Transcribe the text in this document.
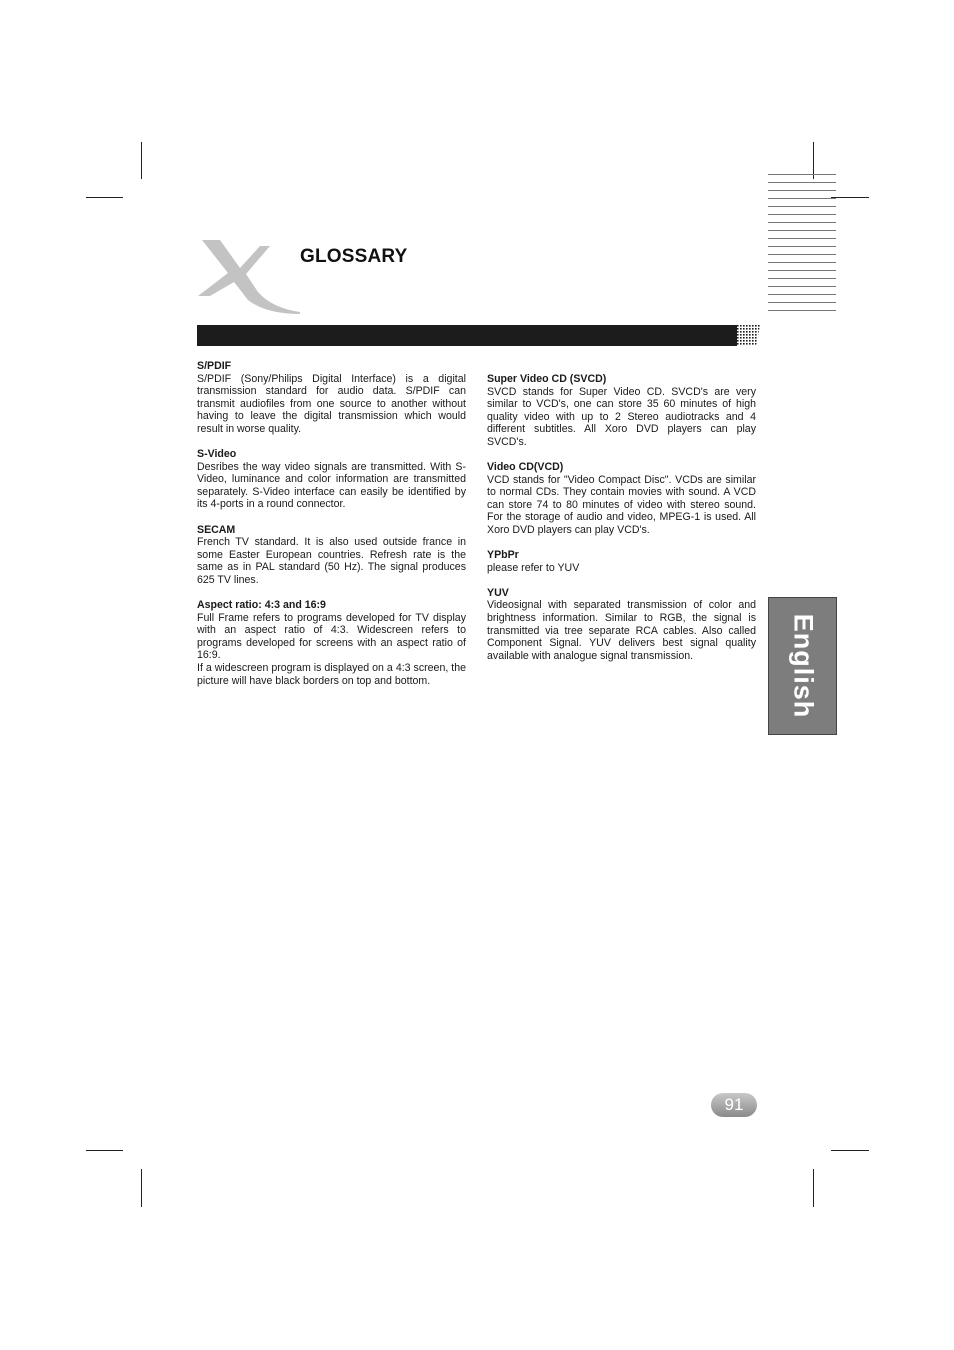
GLOSSARY
S/PDIF

S/PDIF (Sony/Philips Digital Interface) is a digital transmission standard for audio data. S/PDIF can transmit audiofiles from one source to another without having to leave the digital transmission which would result in worse quality.

S-Video

Desribes the way video signals are transmitted. With S-Video, luminance and color information are transmitted separately. S-Video interface can easily be identified by its 4-ports in a round connector.

SECAM

French TV standard. It is also used outside france in some Easter European countries. Refresh rate is the same as in PAL standard (50 Hz). The signal produces 625 TV lines.

Aspect ratio: 4:3 and 16:9

Full Frame refers to programs developed for TV display with an aspect ratio of 4:3. Widescreen refers to programs developed for screens with an aspect ratio of 16:9.

If a widescreen program is displayed on a 4:3 screen, the picture will have black borders on top and bottom.

Super Video CD (SVCD)

SVCD stands for Super Video CD. SVCD's are very similar to VCD's, one can store 35 60 minutes of high quality video with up to 2 Stereo audiotracks and 4 different subtitles. All Xoro DVD players can play SVCD's.

Video CD(VCD)

VCD stands for "Video Compact Disc". VCDs are similar to normal CDs. They contain movies with sound. A VCD can store 74 to 80 minutes of video with stereo sound. For the storage of audio and video, MPEG-1 is used. All Xoro DVD players can play VCD's.

YPbPr

please refer to YUV

YUV

Videosignal with separated transmission of color and brightness information. Similar to RGB, the signal is transmitted via tree separate RCA cables. Also called Component Signal. YUV delivers best signal quality available with analogue signal transmission.	English
91
